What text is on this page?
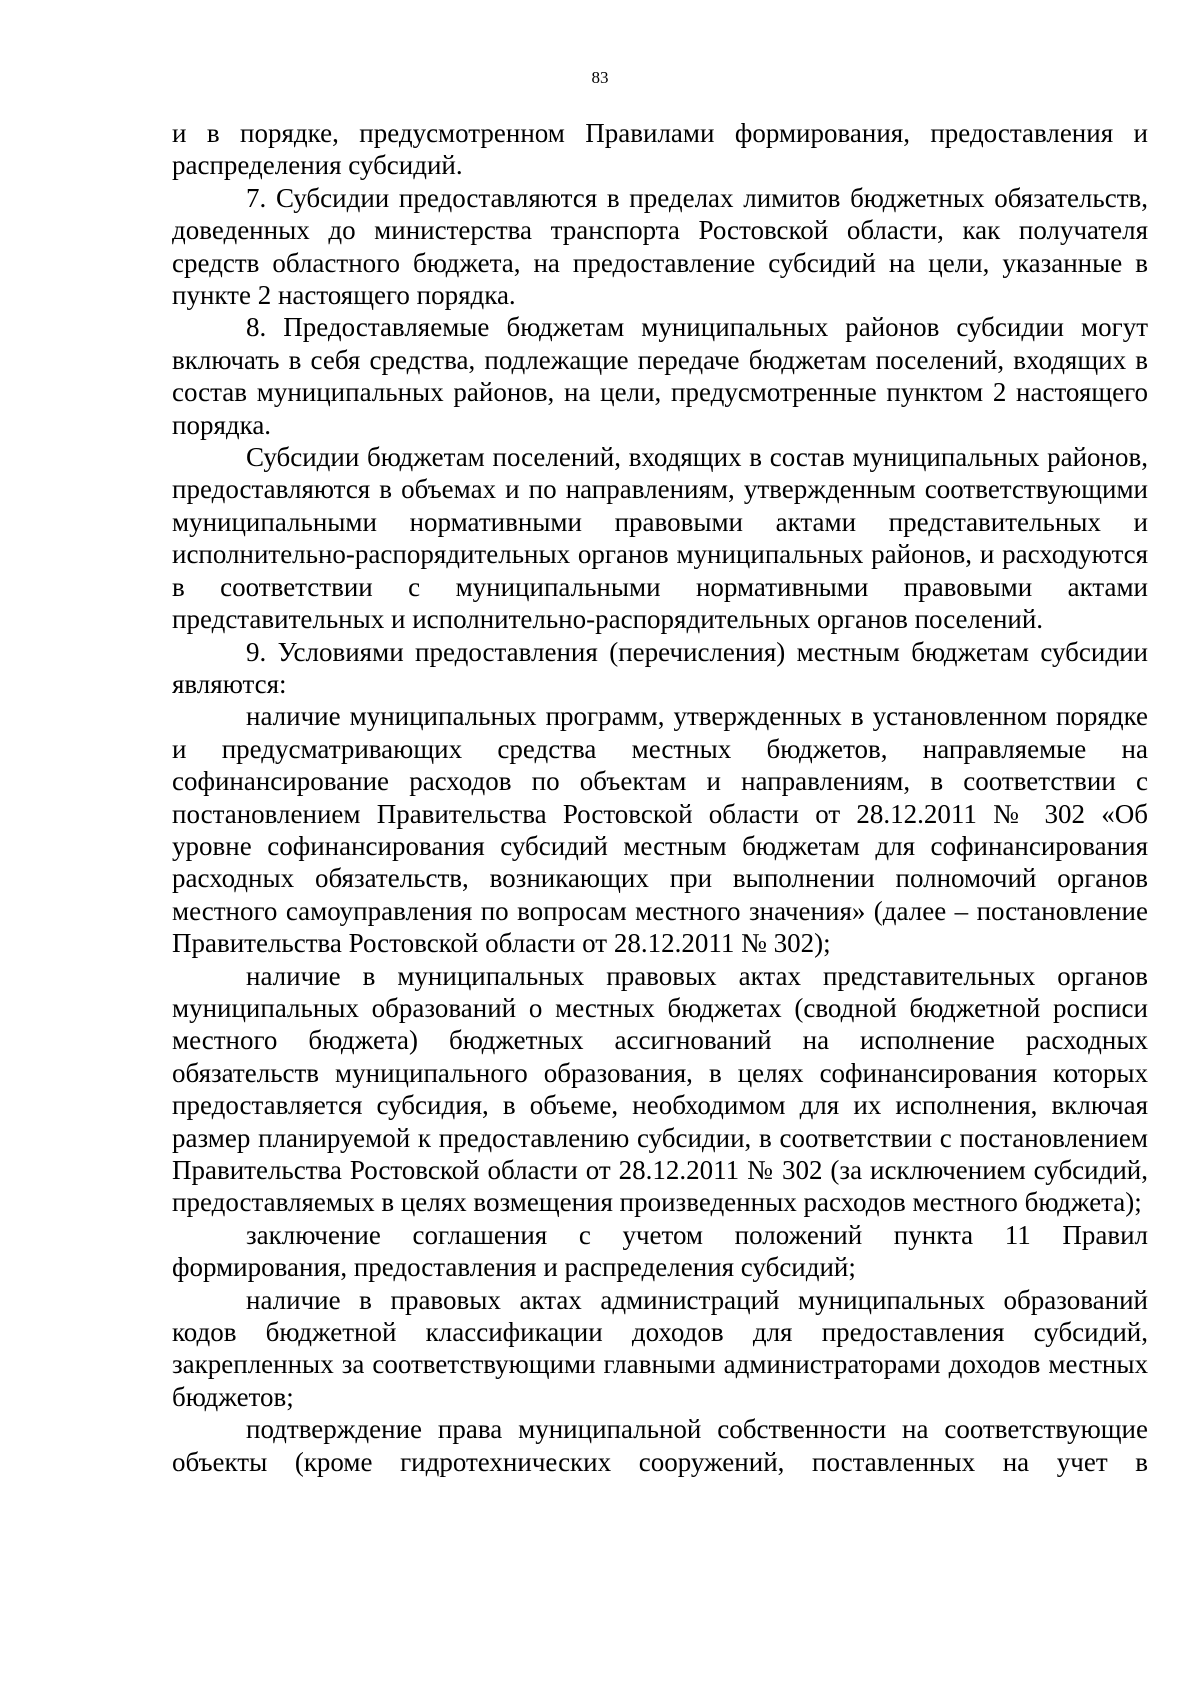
83

и в порядке, предусмотренном Правилами формирования, предоставления и распределения субсидий.

7. Субсидии предоставляются в пределах лимитов бюджетных обязательств, доведенных до министерства транспорта Ростовской области, как получателя средств областного бюджета, на предоставление субсидий на цели, указанные в пункте 2 настоящего порядка.

8. Предоставляемые бюджетам муниципальных районов субсидии могут включать в себя средства, подлежащие передаче бюджетам поселений, входящих в состав муниципальных районов, на цели, предусмотренные пунктом 2 настоящего порядка.

Субсидии бюджетам поселений, входящих в состав муниципальных районов, предоставляются в объемах и по направлениям, утвержденным соответствующими муниципальными нормативными правовыми актами представительных и исполнительно-распорядительных органов муниципальных районов, и расходуются в соответствии с муниципальными нормативными правовыми актами представительных и исполнительно-распорядительных органов поселений.

9. Условиями предоставления (перечисления) местным бюджетам субсидии являются:

наличие муниципальных программ, утвержденных в установленном порядке и предусматривающих средства местных бюджетов, направляемые на софинансирование расходов по объектам и направлениям, в соответствии с постановлением Правительства Ростовской области от 28.12.2011 № 302 «Об уровне софинансирования субсидий местным бюджетам для софинансирования расходных обязательств, возникающих при выполнении полномочий органов местного самоуправления по вопросам местного значения» (далее – постановление Правительства Ростовской области от 28.12.2011 № 302);

наличие в муниципальных правовых актах представительных органов муниципальных образований о местных бюджетах (сводной бюджетной росписи местного бюджета) бюджетных ассигнований на исполнение расходных обязательств муниципального образования, в целях софинансирования которых предоставляется субсидия, в объеме, необходимом для их исполнения, включая размер планируемой к предоставлению субсидии, в соответствии с постановлением Правительства Ростовской области от 28.12.2011 № 302 (за исключением субсидий, предоставляемых в целях возмещения произведенных расходов местного бюджета);

заключение соглашения с учетом положений пункта 11 Правил формирования, предоставления и распределения субсидий;

наличие в правовых актах администраций муниципальных образований кодов бюджетной классификации доходов для предоставления субсидий, закрепленных за соответствующими главными администраторами доходов местных бюджетов;

подтверждение права муниципальной собственности на соответствующие объекты (кроме гидротехнических сооружений, поставленных на учет в
